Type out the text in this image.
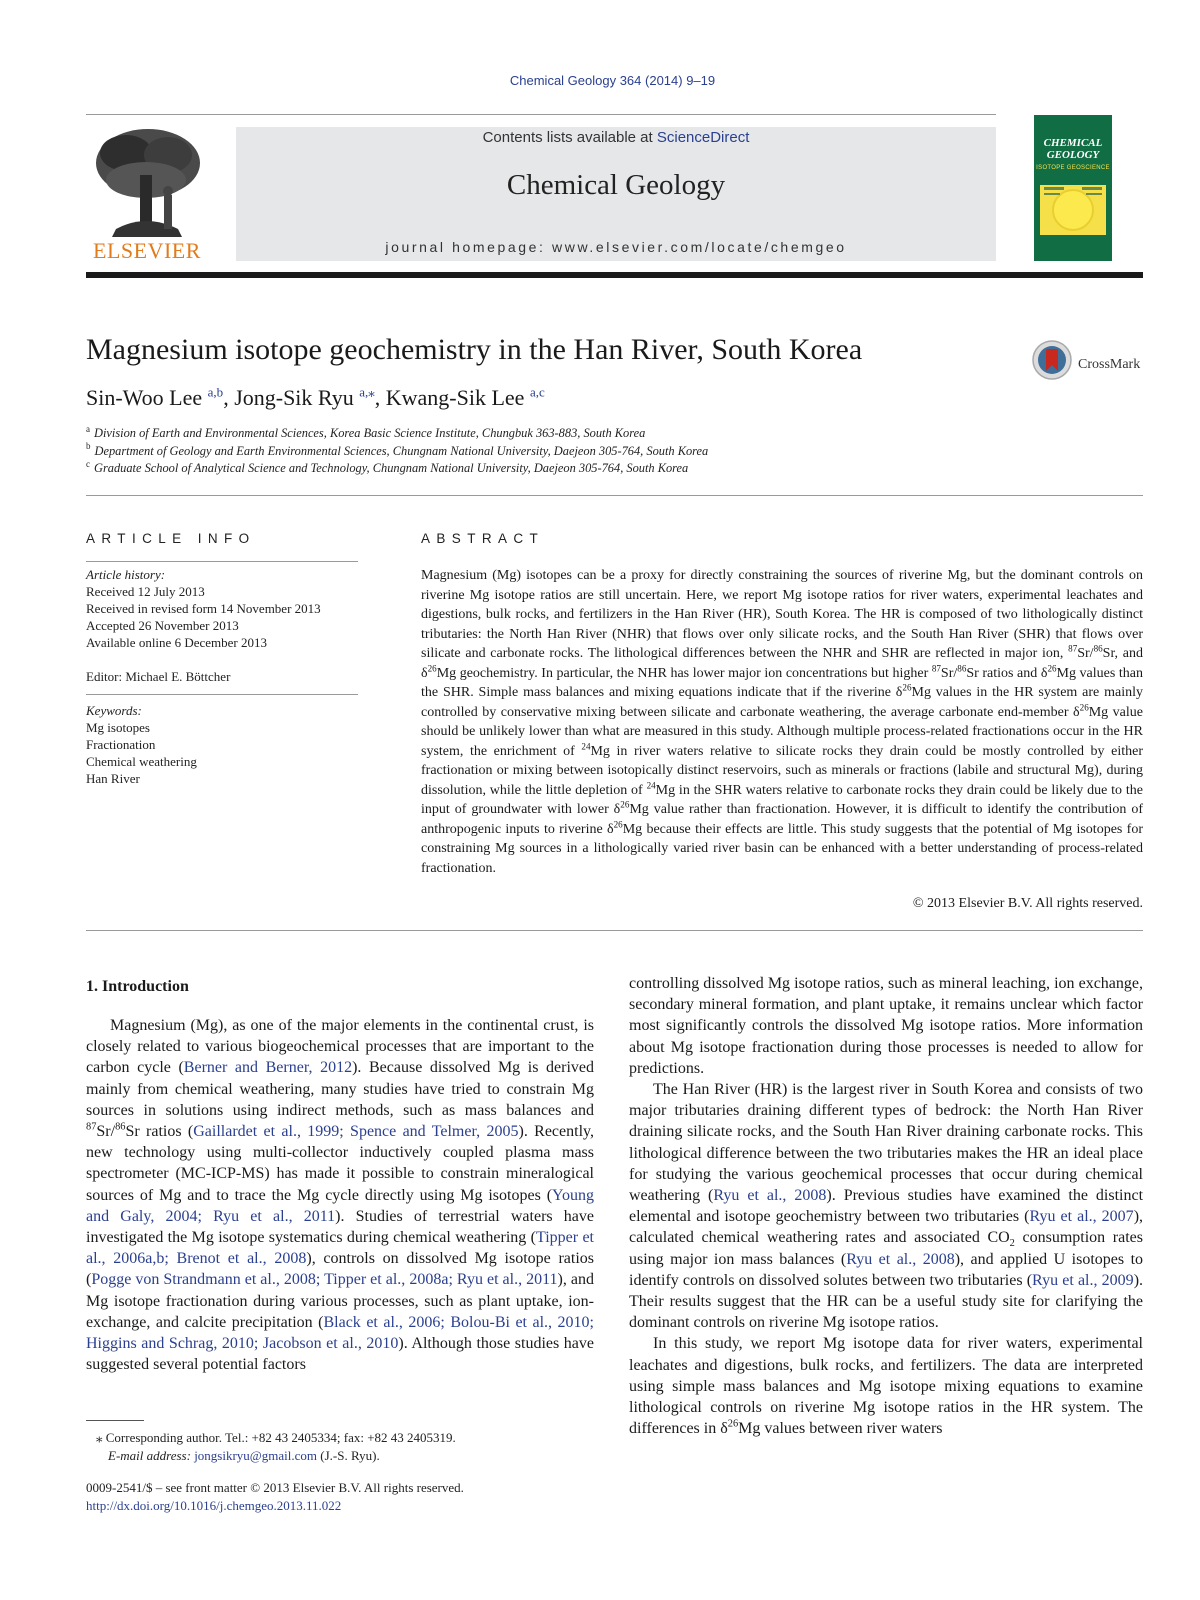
Chemical Geology 364 (2014) 9–19
ELSEVIER
Contents lists available at ScienceDirect
Chemical Geology
journal homepage: www.elsevier.com/locate/chemgeo
CHEMICAL GEOLOGY
ISOTOPE GEOSCIENCE
Magnesium isotope geochemistry in the Han River, South Korea	CrossMark
Sin-Woo Lee $^{a,b}$, Jong-Sik Ryu $^{a,⁎}$, Kwang-Sik Lee $^{a,c}$
$^a$ Division of Earth and Environmental Sciences, Korea Basic Science Institute, Chungbuk 363-883, South Korea
$^b$ Department of Geology and Earth Environmental Sciences, Chungnam National University, Daejeon 305-764, South Korea
$^c$ Graduate School of Analytical Science and Technology, Chungnam National University, Daejeon 305-764, South Korea
ARTICLE INFO

Article history:

Received 12 July 2013

Received in revised form 14 November 2013

Accepted 26 November 2013

Available online 6 December 2013

Editor: Michael E. Böttcher

Keywords:

Mg isotopes

Fractionation

Chemical weathering

Han River

ABSTRACT

Magnesium (Mg) isotopes can be a proxy for directly constraining the sources of riverine Mg, but the dominant controls on riverine Mg isotope ratios are still uncertain. Here, we report Mg isotope ratios for river waters, experimental leachates and digestions, bulk rocks, and fertilizers in the Han River (HR), South Korea. The HR is composed of two lithologically distinct tributaries: the North Han River (NHR) that flows over only silicate rocks, and the South Han River (SHR) that flows over silicate and carbonate rocks. The lithological differences between the NHR and SHR are reflected in major ion, $^{87}$Sr/$^{86}$Sr, and $\delta^{26}Mg$ geochemistry. In particular, the NHR has lower major ion concentrations but higher $^{87}$Sr/$^{86}$Sr ratios and $\delta^{26}Mg$ values than the SHR. Simple mass balances and mixing equations indicate that if the riverine $\delta^{26}Mg$ values in the HR system are mainly controlled by conservative mixing between silicate and carbonate weathering, the average carbonate end-member $\delta^{26}Mg$ value should be unlikely lower than what are measured in this study. Although multiple process-related fractionations occur in the HR system, the enrichment of $^{24}$Mg in river waters relative to silicate rocks they drain could be mostly controlled by either fractionation or mixing between isotopically distinct reservoirs, such as minerals or fractions (labile and structural Mg), during dissolution, while the little depletion of $^{24}$Mg in the SHR waters relative to carbonate rocks they drain could be likely due to the input of groundwater with lower $\delta^{26}Mg$ value rather than fractionation. However, it is difficult to identify the contribution of anthropogenic inputs to riverine $\delta^{26}Mg$ because their effects are little. This study suggests that the potential of Mg isotopes for constraining Mg sources in a lithologically varied river basin can be enhanced with a better understanding of process-related fractionation.

© 2013 Elsevier B.V. All rights reserved.
1. Introduction

Magnesium (Mg), as one of the major elements in the continental crust, is closely related to various biogeochemical processes that are important to the carbon cycle (Berner and Berner, 2012). Because dissolved Mg is derived mainly from chemical weathering, many studies have tried to constrain Mg sources in solutions using indirect methods, such as mass balances and $^{87}$Sr/$^{86}$Sr ratios (Gaillardet et al., 1999; Spence and Telmer, 2005). Recently, new technology using multi-collector inductively coupled plasma mass spectrometer (MC-ICP-MS) has made it possible to constrain mineralogical sources of Mg and to trace the Mg cycle directly using Mg isotopes (Young and Galy, 2004; Ryu et al., 2011). Studies of terrestrial waters have investigated the Mg isotope systematics during chemical weathering (Tipper et al., 2006a,b; Brenot et al., 2008), controls on dissolved Mg isotope ratios (Pogge von Strandmann et al., 2008; Tipper et al., 2008a; Ryu et al., 2011), and Mg isotope fractionation during various processes, such as plant uptake, ion-exchange, and calcite precipitation (Black et al., 2006; Bolou-Bi et al., 2010; Higgins and Schrag, 2010; Jacobson et al., 2010). Although those studies have suggested several potential factors

controlling dissolved Mg isotope ratios, such as mineral leaching, ion exchange, secondary mineral formation, and plant uptake, it remains unclear which factor most significantly controls the dissolved Mg isotope ratios. More information about Mg isotope fractionation during those processes is needed to allow for predictions.

The Han River (HR) is the largest river in South Korea and consists of two major tributaries draining different types of bedrock: the North Han River draining silicate rocks, and the South Han River draining carbonate rocks. This lithological difference between the two tributaries makes the HR an ideal place for studying the various geochemical processes that occur during chemical weathering (Ryu et al., 2008). Previous studies have examined the distinct elemental and isotope geochemistry between two tributaries (Ryu et al., 2007), calculated chemical weathering rates and associated $CO_2$ consumption rates using major ion mass balances (Ryu et al., 2008), and applied U isotopes to identify controls on dissolved solutes between two tributaries (Ryu et al., 2009). Their results suggest that the HR can be a useful study site for clarifying the dominant controls on riverine Mg isotope ratios.

In this study, we report Mg isotope data for river waters, experimental leachates and digestions, bulk rocks, and fertilizers. The data are interpreted using simple mass balances and Mg isotope mixing equations to examine lithological controls on riverine Mg isotope ratios in the HR system. The differences in $\delta^{26}Mg$ values between river waters

⁎ Corresponding author. Tel.: +82 43 2405334; fax: +82 43 2405319.
E-mail address: jongsikryu@gmail.com (J.-S. Ryu).
0009-2541/$ – see front matter © 2013 Elsevier B.V. All rights reserved.
http://dx.doi.org/10.1016/j.chemgeo.2013.11.022
